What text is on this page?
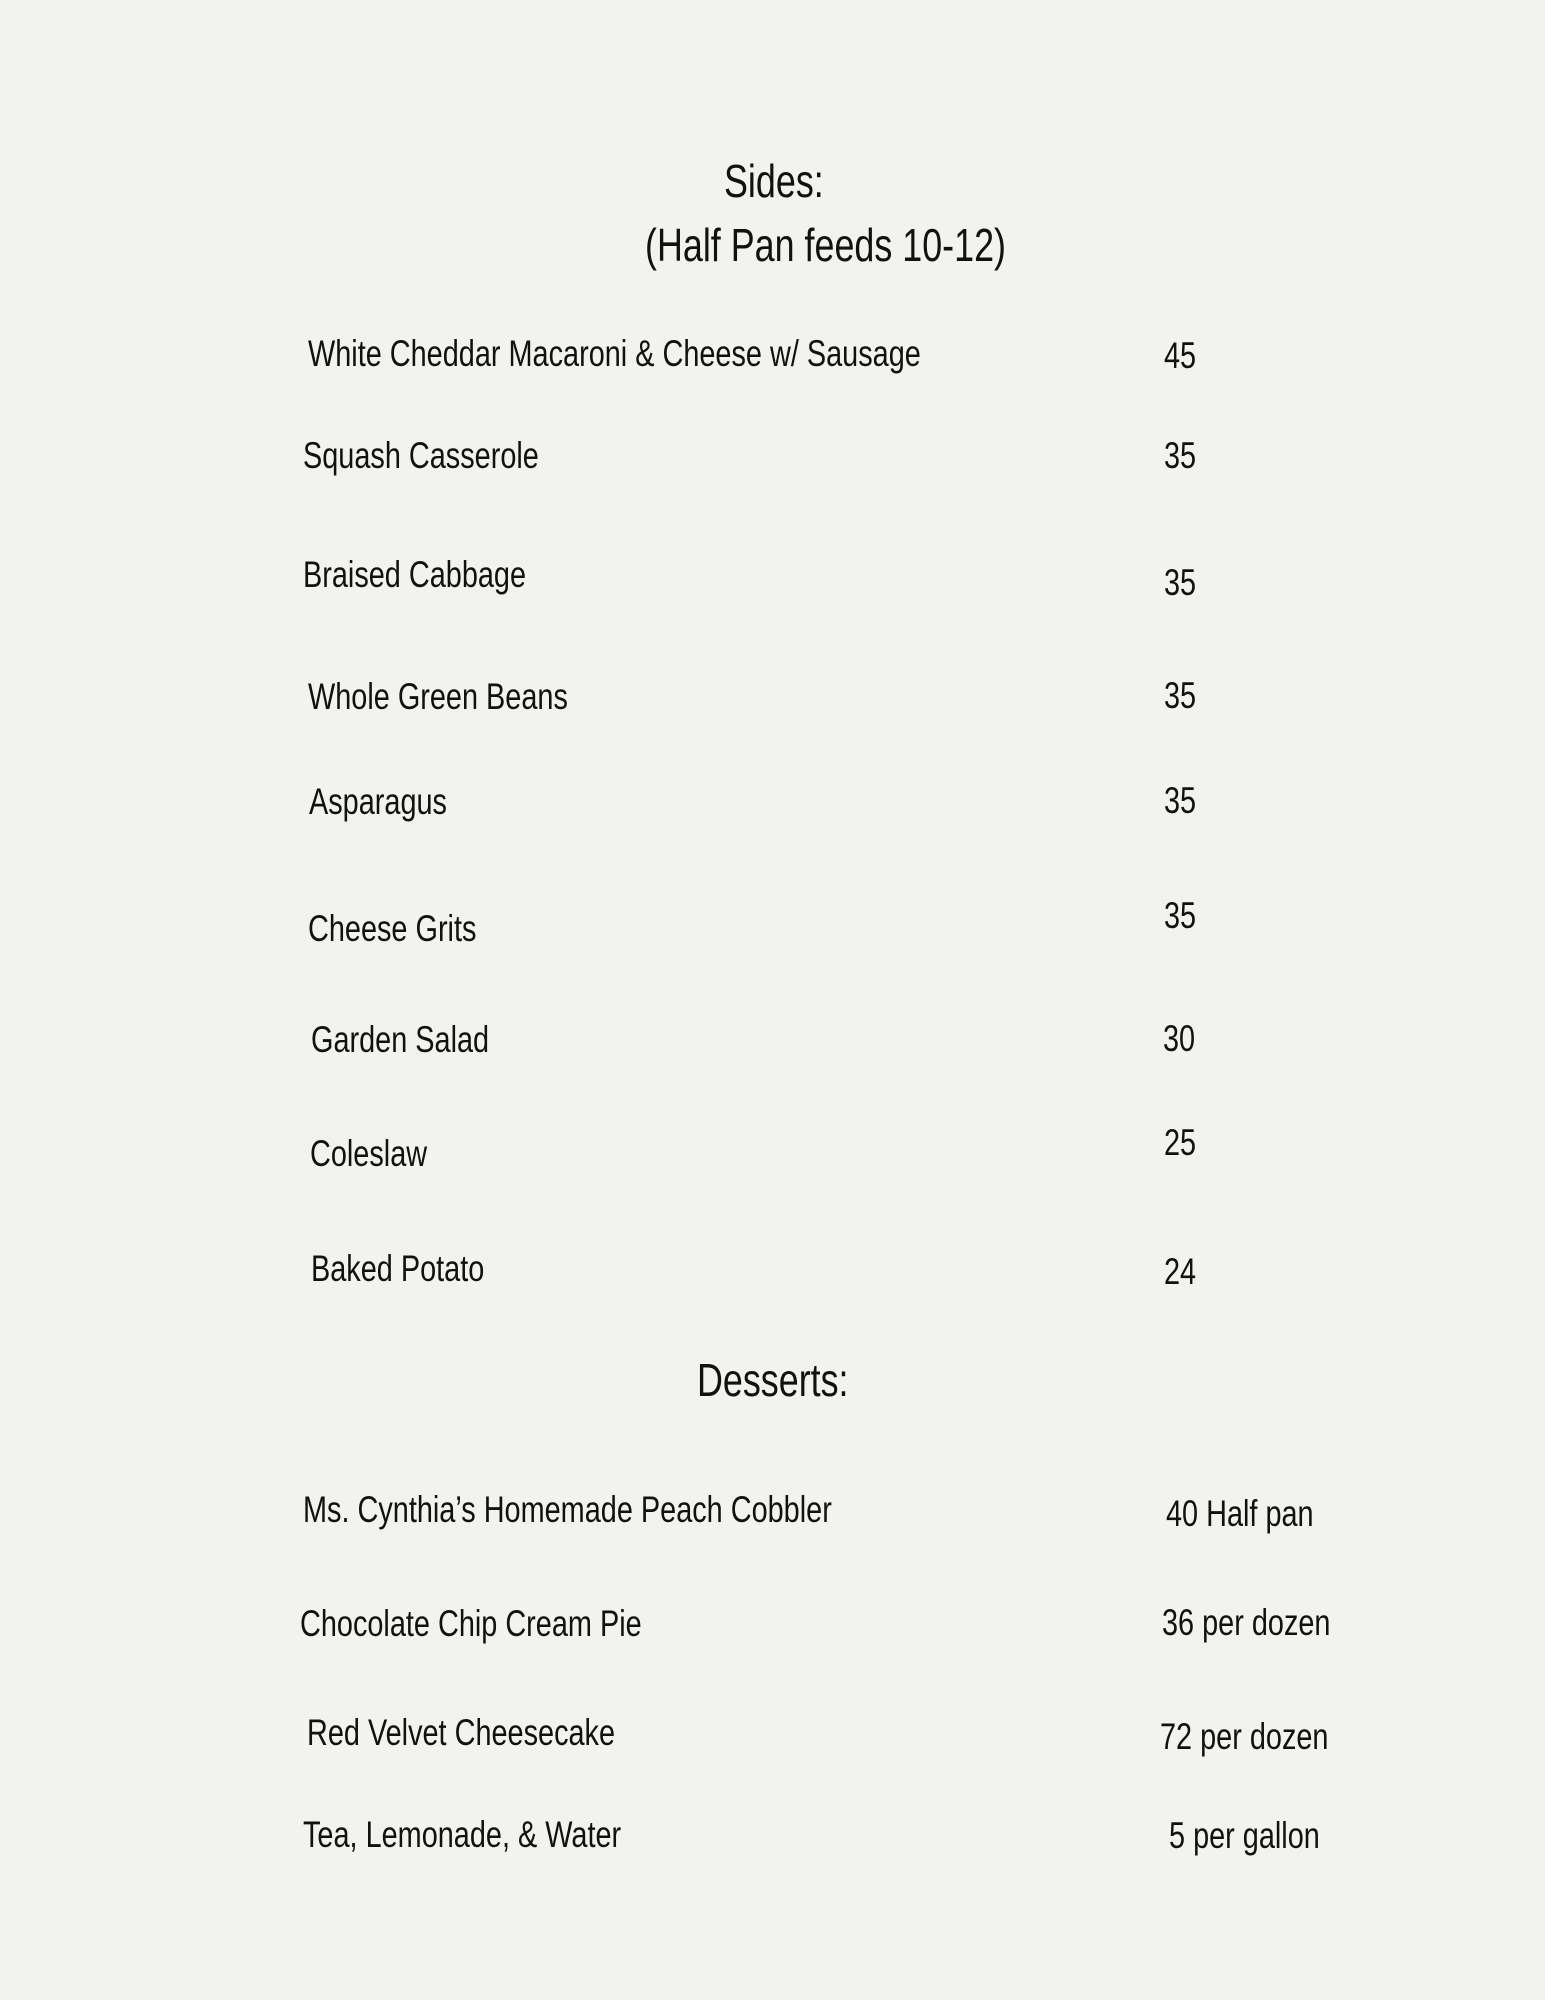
Sides:
(Half Pan feeds 10-12)
White Cheddar Macaroni & Cheese w/ Sausage	45
Squash Casserole	35
Braised Cabbage	35
Whole Green Beans	35
Asparagus	35
Cheese Grits	35
Garden Salad	30
Coleslaw	25
Baked Potato	24
Desserts:
Ms. Cynthia’s Homemade Peach Cobbler	40 Half pan
Chocolate Chip Cream Pie	36 per dozen
Red Velvet Cheesecake	72 per dozen
Tea, Lemonade, & Water	5 per gallon
